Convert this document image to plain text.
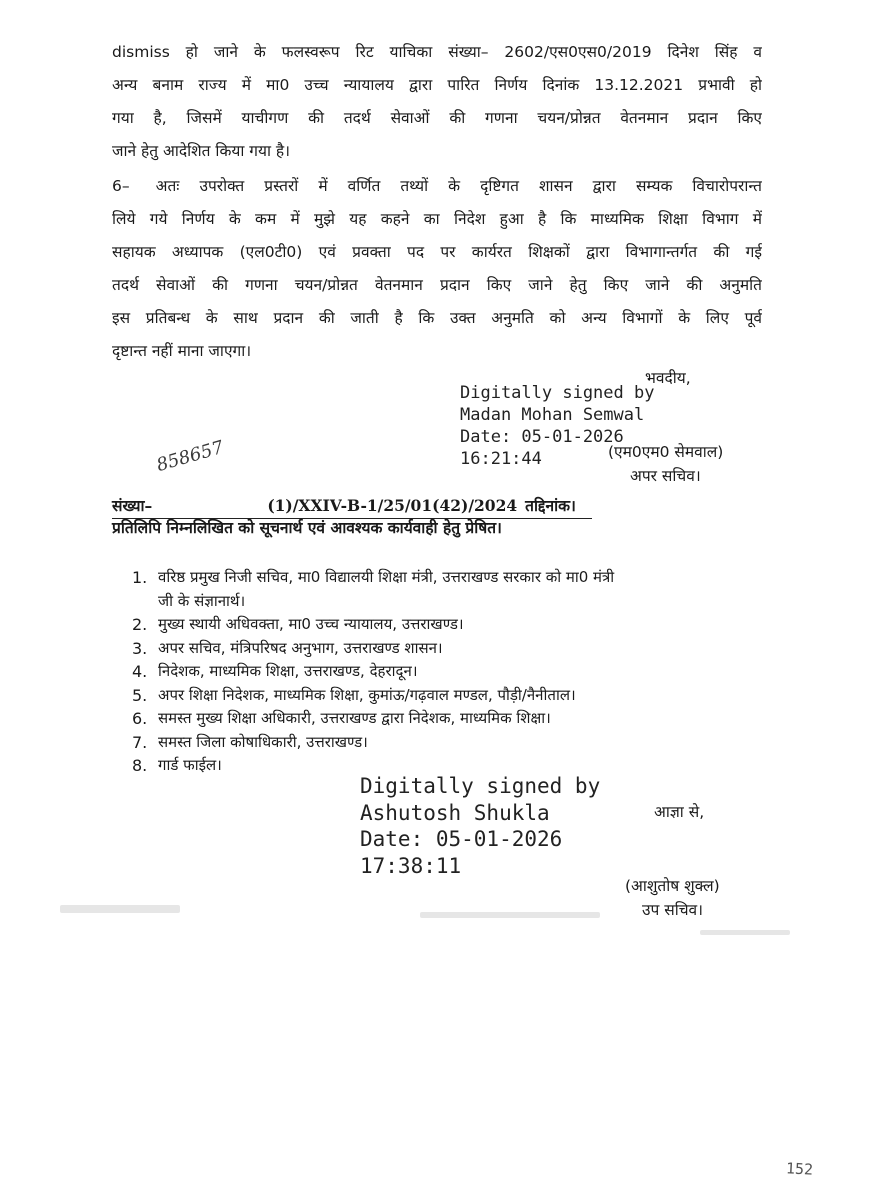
dismiss हो जाने के फलस्वरूप रिट याचिका संख्या– 2602/एस0एस0/2019 दिनेश सिंह व
अन्य बनाम राज्य में मा0 उच्च न्यायालय द्वारा पारित निर्णय दिनांक 13.12.2021 प्रभावी हो
गया है, जिसमें याचीगण की तदर्थ सेवाओं की गणना चयन/प्रोन्नत वेतनमान प्रदान किए
जाने हेतु आदेशित किया गया है।
6– अतः उपरोक्त प्रस्तरों में वर्णित तथ्यों के दृष्टिगत शासन द्वारा सम्यक विचारोपरान्त
लिये गये निर्णय के कम में मुझे यह कहने का निदेश हुआ है कि माध्यमिक शिक्षा विभाग में
सहायक अध्यापक (एल0टी0) एवं प्रवक्ता पद पर कार्यरत शिक्षकों द्वारा विभागान्तर्गत की गई
तदर्थ सेवाओं की गणना चयन/प्रोन्नत वेतनमान प्रदान किए जाने हेतु किए जाने की अनुमति
इस प्रतिबन्ध के साथ प्रदान की जाती है कि उक्त अनुमति को अन्य विभागों के लिए पूर्व
दृष्टान्त नहीं माना जाएगा।
भवदीय,
Digitally signed by
Madan Mohan Semwal
Date: 05-01-2026
16:21:44	(एम0एम0 सेमवाल)
अपर सचिव।
858657
संख्या–	(1)/XXIV-B-1/25/01(42)/2024 तद्दिनांक।
प्रतिलिपि निम्नलिखित को सूचनार्थ एवं आवश्यक कार्यवाही हेतु प्रेषित।
1. वरिष्ठ प्रमुख निजी सचिव, मा0 विद्यालयी शिक्षा मंत्री, उत्तराखण्ड सरकार को मा0 मंत्री
जी के संज्ञानार्थ।
2. मुख्य स्थायी अधिवक्ता, मा0 उच्च न्यायालय, उत्तराखण्ड।
3. अपर सचिव, मंत्रिपरिषद अनुभाग, उत्तराखण्ड शासन।
4. निदेशक, माध्यमिक शिक्षा, उत्तराखण्ड, देहरादून।
5. अपर शिक्षा निदेशक, माध्यमिक शिक्षा, कुमांऊ/गढ़वाल मण्डल, पौड़ी/नैनीताल।
6. समस्त मुख्य शिक्षा अधिकारी, उत्तराखण्ड द्वारा निदेशक, माध्यमिक शिक्षा।
7. समस्त जिला कोषाधिकारी, उत्तराखण्ड।
8. गार्ड फाईल।
Digitally signed by
Ashutosh Shukla
Date: 05-01-2026
17:38:11
आज्ञा से,
(आशुतोष शुक्ल)
उप सचिव।
152
